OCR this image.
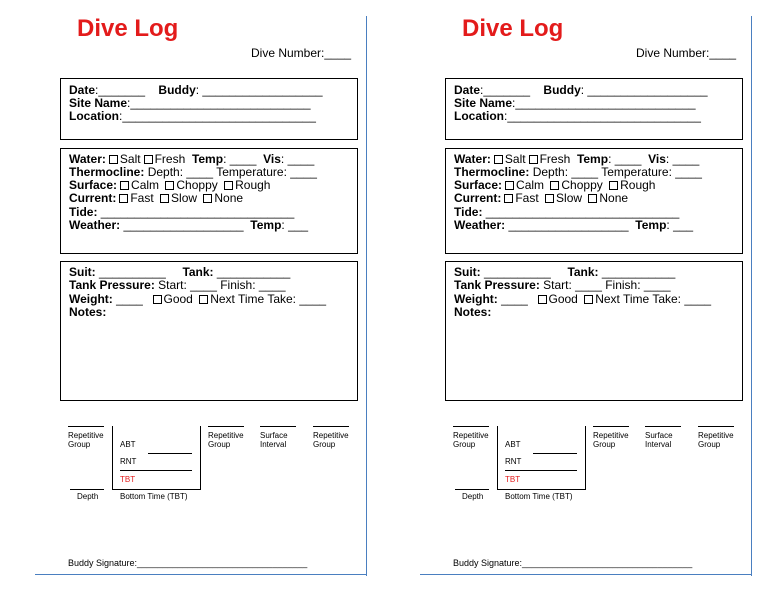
Dive Log
Dive Number:____
Date:_______ Buddy: __________________
Site Name:___________________________
Location:_____________________________
Water: Salt Fresh Temp: ____ Vis: ____
Thermocline: Depth: ____ Temperature: ____
Surface: Calm Choppy Rough
Current: Fast Slow None
Tide: _____________________________
Weather: __________________ Temp: ___
Suit: __________ Tank: ___________
Tank Pressure: Start: ____ Finish: ____
Weight: ____ Good Next Time Take: ____
Notes:
Repetitive Group	ABT
RNT
TBT
Depth	Bottom Time (TBT)
Repetitive Group
Surface Interval
Repetitive Group
Buddy Signature:__________________________________
Dive Log
Dive Number:____
Date:_______ Buddy: __________________
Site Name:___________________________
Location:_____________________________
Water: Salt Fresh Temp: ____ Vis: ____
Thermocline: Depth: ____ Temperature: ____
Surface: Calm Choppy Rough
Current: Fast Slow None
Tide: _____________________________
Weather: __________________ Temp: ___
Suit: __________ Tank: ___________
Tank Pressure: Start: ____ Finish: ____
Weight: ____ Good Next Time Take: ____
Notes:
Repetitive Group	ABT
RNT
TBT
Depth	Bottom Time (TBT)
Repetitive Group
Surface Interval
Repetitive Group
Buddy Signature:__________________________________
